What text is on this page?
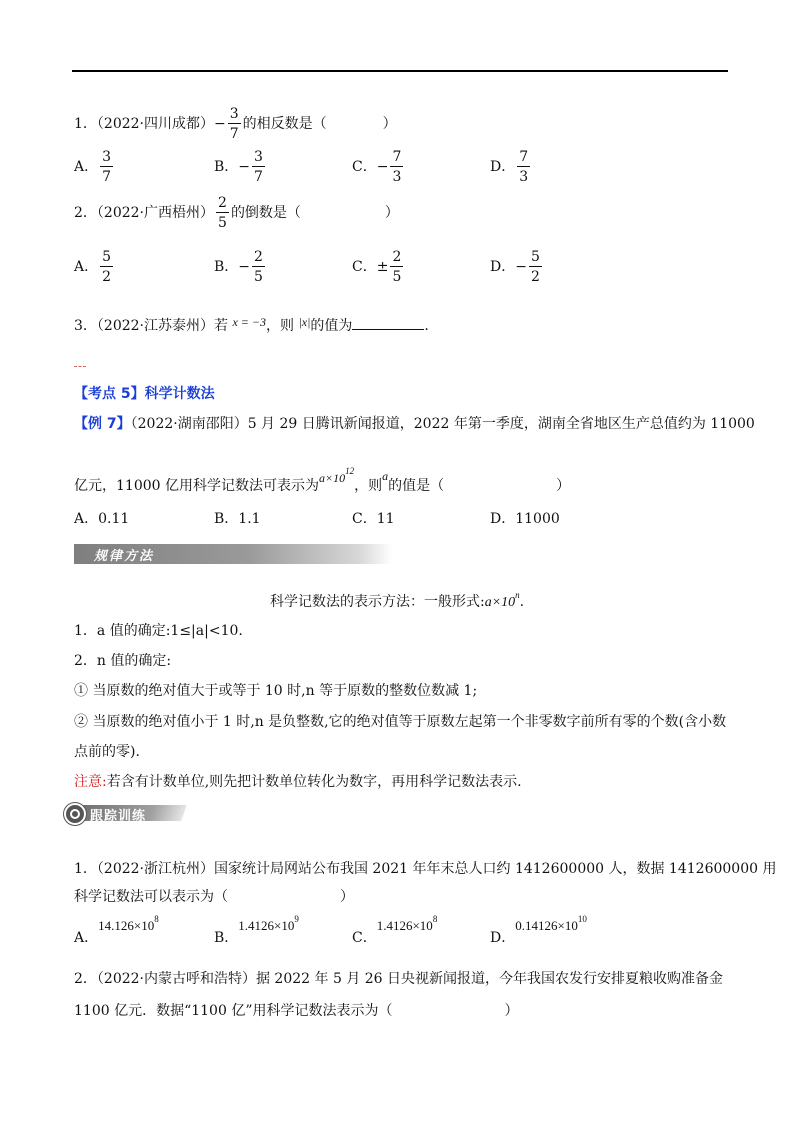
1．（2022·四川成都）− $\frac{3}{7}$ 的相反数是（　　　　）
A． $\frac{3}{7}$	B．− $\frac{3}{7}$	C．− $\frac{7}{3}$	D． $\frac{7}{3}$
2．（2022·广西梧州） $\frac{2}{5}$ 的倒数是（　　　　　　）
A． $\frac{5}{2}$	B．− $\frac{2}{5}$	C．± $\frac{2}{5}$	D．− $\frac{5}{2}$
3．（2022·江苏泰州）若 x = −3，则 |x|的值为	.
【考点 5】科学计数法
【例 7】（2022·湖南邵阳）5 月 29 日腾讯新闻报道，2022 年第一季度，湖南全省地区生产总值约为 11000
亿元，11000 亿用科学记数法可表示为$a\times 10^{12}$，则a的值是（　　　　　　　　）
A．0.11	B．1.1	C．11	D．11000
规律方法
科学记数法的表示方法：一般形式$:a\times 10^n$.
1．a 值的确定:1≤|a|<10.
2．n 值的确定:
① 当原数的绝对值大于或等于 10 时,n 等于原数的整数位数减 1;
② 当原数的绝对值小于 1 时,n 是负整数,它的绝对值等于原数左起第一个非零数字前所有零的个数(含小数
点前的零).
注意:若含有计数单位,则先把计数单位转化为数字，再用科学记数法表示.
跟踪训练
1．（2022·浙江杭州）国家统计局网站公布我国 2021 年年末总人口约 1412600000 人，数据 1412600000 用
科学记数法可以表示为（　　　　　　　　）
A．$14.126\times 10^8$
B．$1.4126\times 10^9$
C．$1.4126\times 10^8$
D．$0.14126\times 10^{10}$
2．（2022·内蒙古呼和浩特）据 2022 年 5 月 26 日央视新闻报道，今年我国农发行安排夏粮收购准备金
1100 亿元．数据“1100 亿”用科学记数法表示为（　　　　　　　　）
